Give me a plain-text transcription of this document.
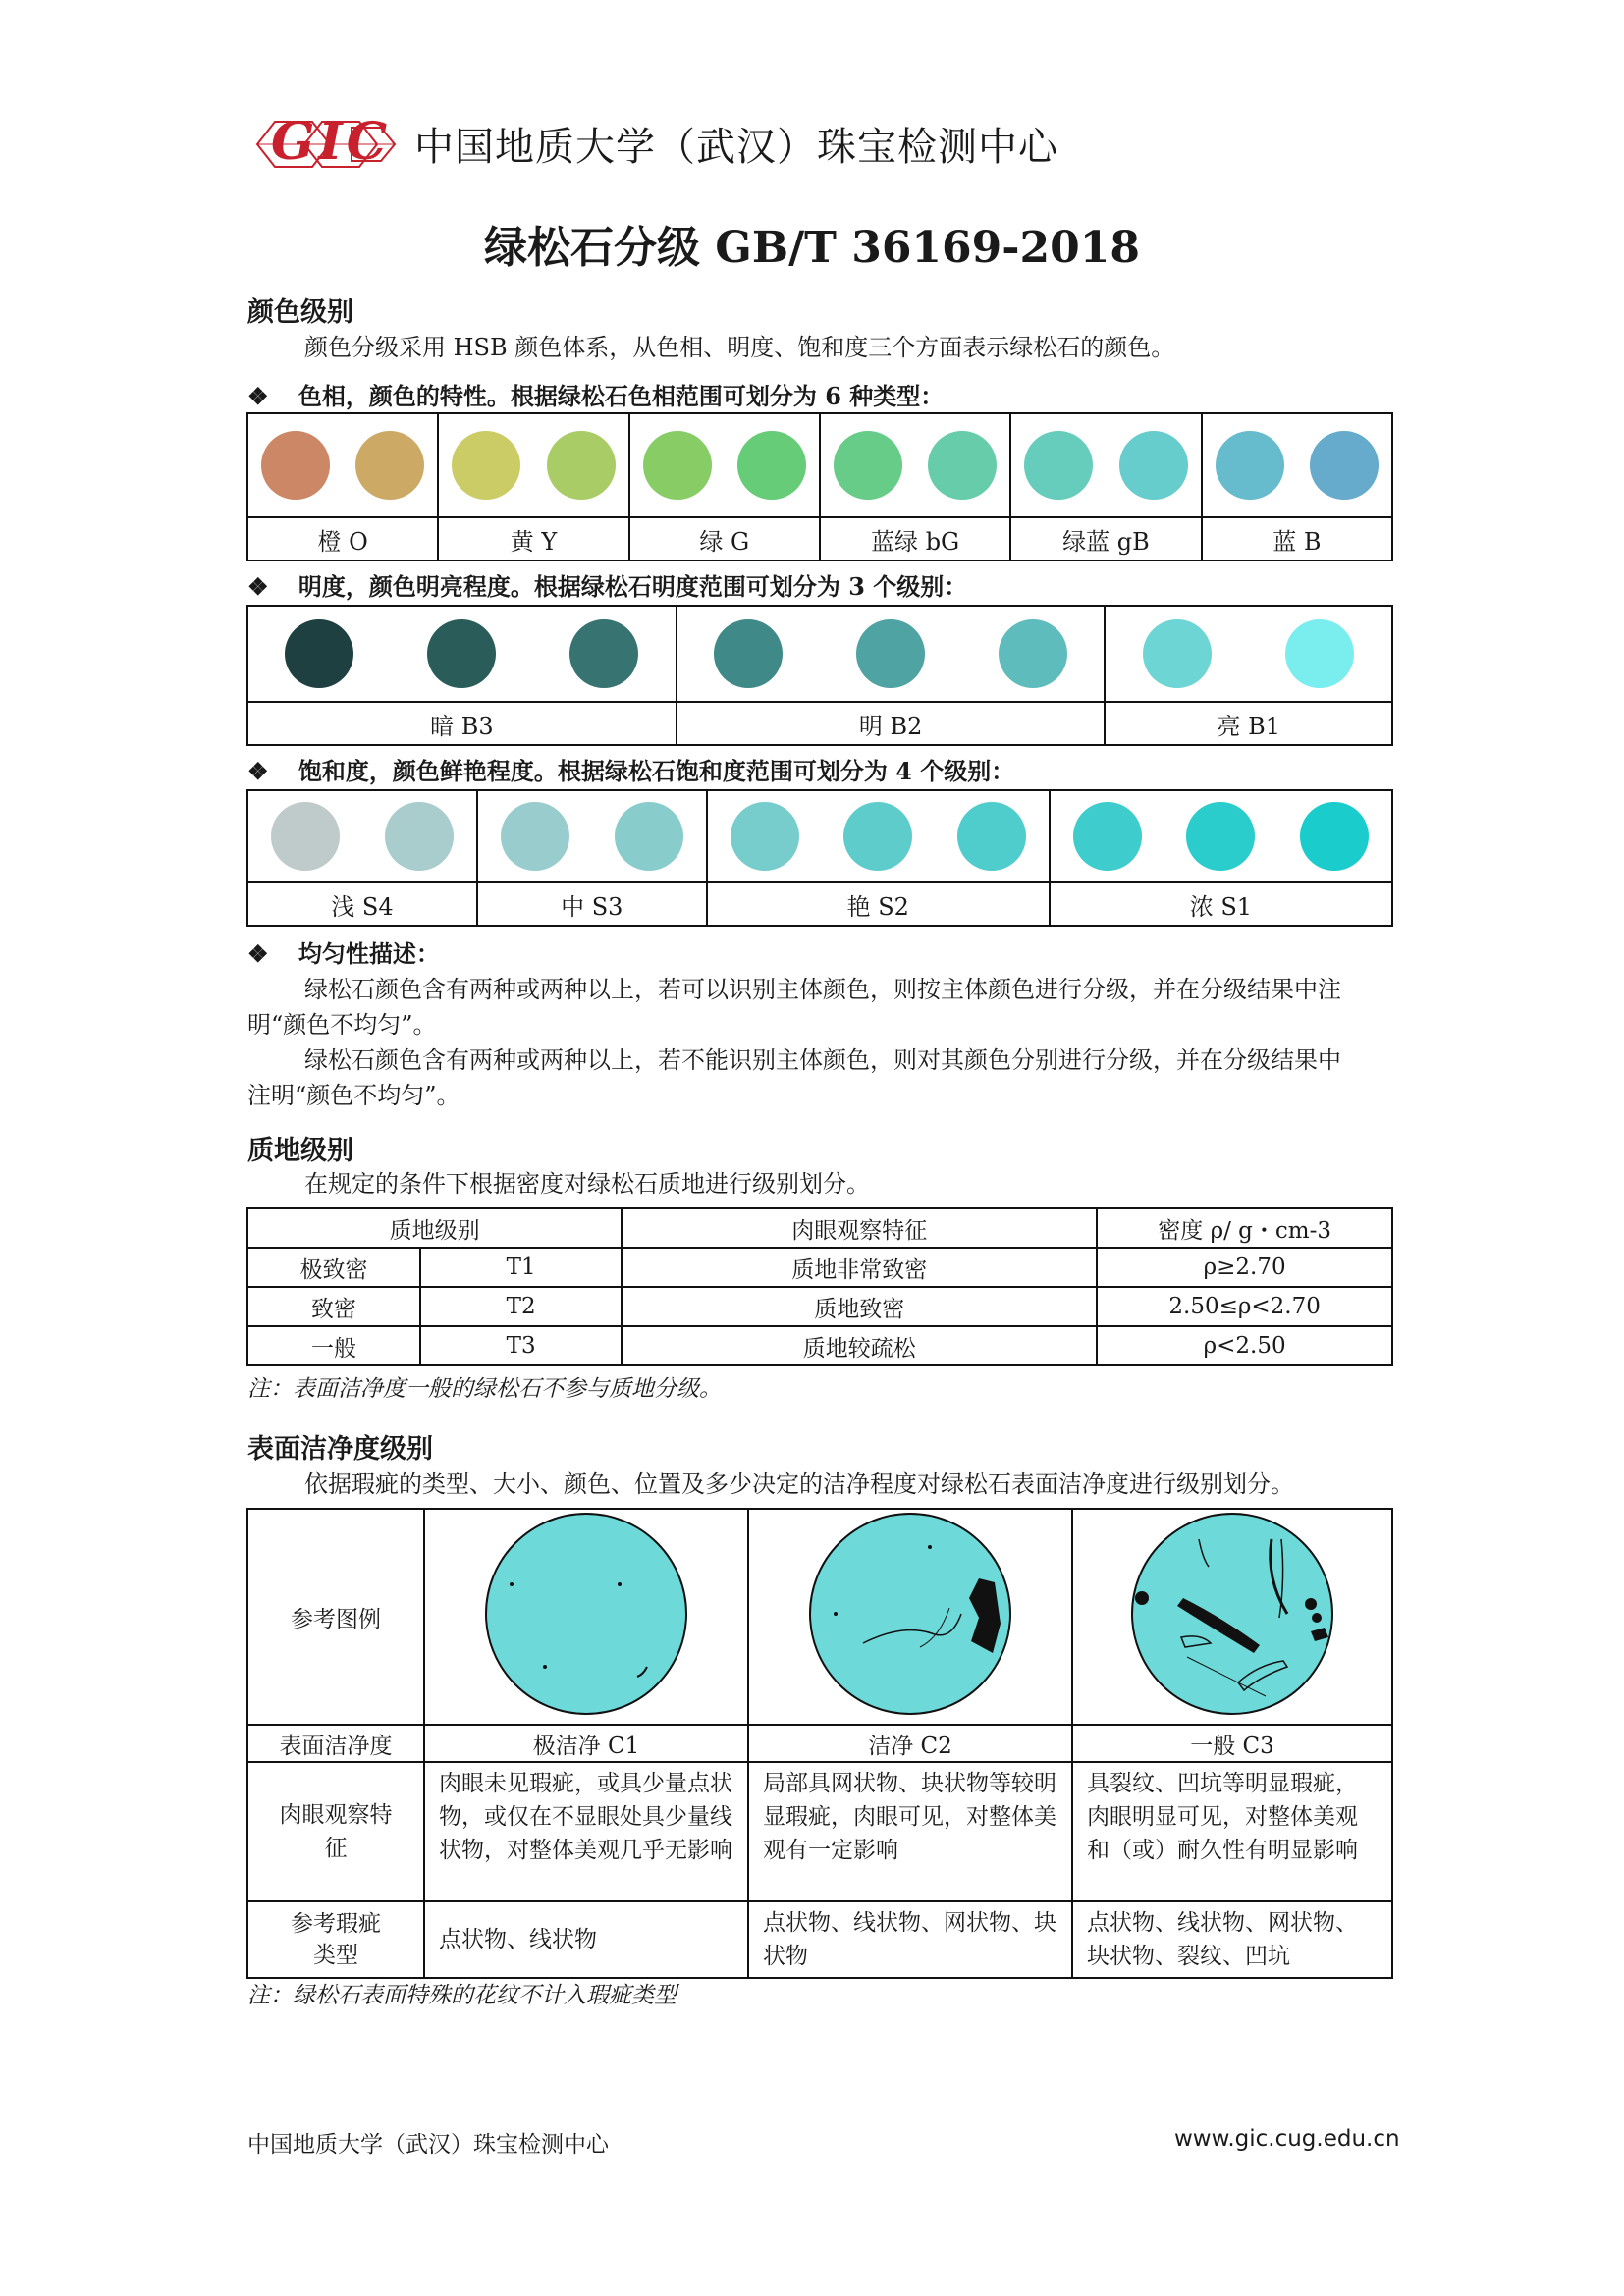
GIC 中国地质大学（武汉）珠宝检测中心
绿松石分级 GB/T 36169-2018
颜色级别
颜色分级采用 HSB 颜色体系，从色相、明度、饱和度三个方面表示绿松石的颜色。
❖ 色相，颜色的特性。根据绿松石色相范围可划分为 6 种类型：

橙 O	黄 Y	绿 G	蓝绿 bG	绿蓝 gB	蓝 B
❖ 明度，颜色明亮程度。根据绿松石明度范围可划分为 3 个级别：

暗 B3	明 B2	亮 B1
❖ 饱和度，颜色鲜艳程度。根据绿松石饱和度范围可划分为 4 个级别：

浅 S4	中 S3	艳 S2	浓 S1
❖ 均匀性描述：
绿松石颜色含有两种或两种以上，若可以识别主体颜色，则按主体颜色进行分级，并在分级结果中注
明“颜色不均匀”。
绿松石颜色含有两种或两种以上，若不能识别主体颜色，则对其颜色分别进行分级，并在分级结果中
注明“颜色不均匀”。
质地级别
在规定的条件下根据密度对绿松石质地进行级别划分。
质地级别		肉眼观察特征	密度 ρ/ g・cm-3
极致密	T1	质地非常致密	ρ≥2.70
致密	T2	质地致密	2.50≤ρ<2.70
一般	T3	质地较疏松	ρ<2.50
注：表面洁净度一般的绿松石不参与质地分级。
表面洁净度级别
依据瑕疵的类型、大小、颜色、位置及多少决定的洁净程度对绿松石表面洁净度进行级别划分。
参考图例			
表面洁净度	极洁净 C1	洁净 C2	一般 C3
肉眼观察特征	肉眼未见瑕疵，或具少量点状物，或仅在不显眼处具少量线状物，对整体美观几乎无影响	局部具网状物、块状物等较明显瑕疵，肉眼可见，对整体美观有一定影响	具裂纹、凹坑等明显瑕疵，肉眼明显可见，对整体美观和（或）耐久性有明显影响
参考瑕疵类型	点状物、线状物	点状物、线状物、网状物、块状物	点状物、线状物、网状物、块状物、裂纹、凹坑
注：绿松石表面特殊的花纹不计入瑕疵类型
中国地质大学（武汉）珠宝检测中心	www.gic.cug.edu.cn
